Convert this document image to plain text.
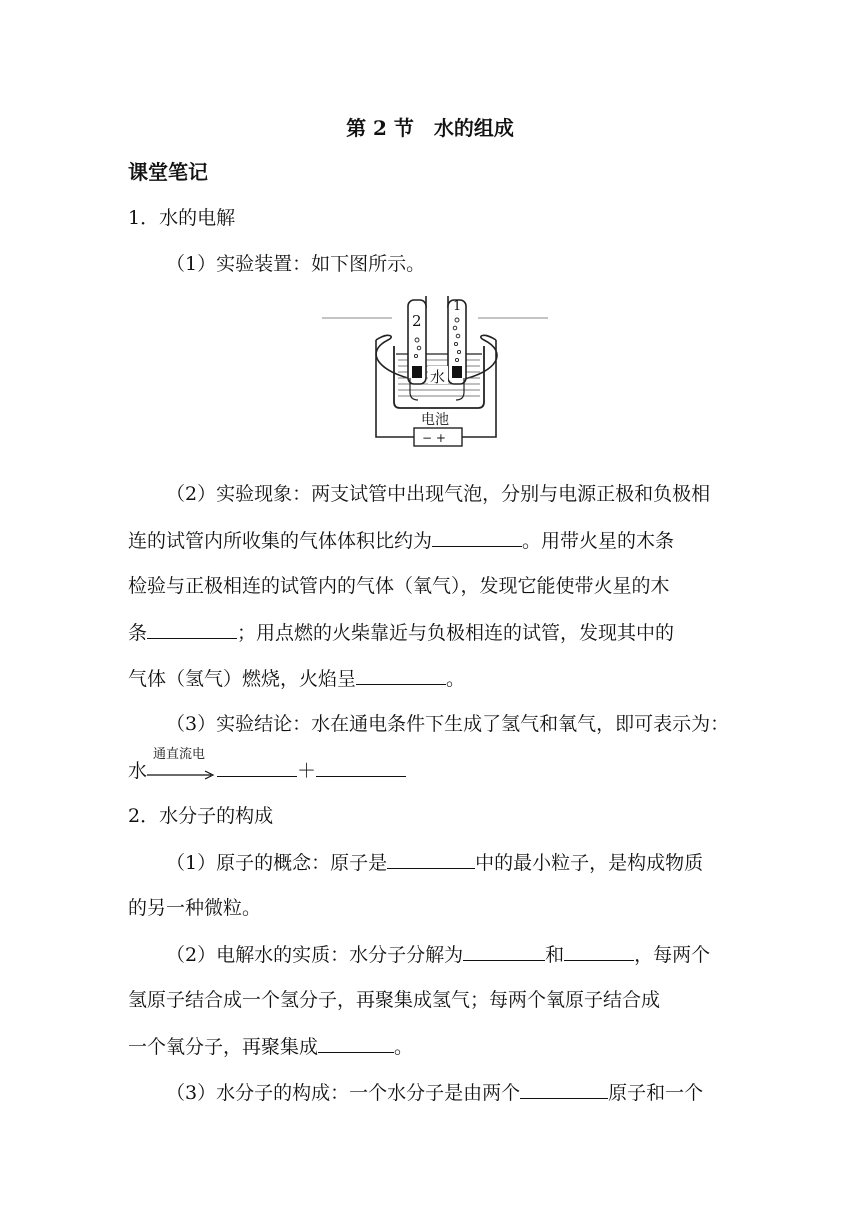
第 2 节　水的组成
课堂笔记
1．水的电解
（1）实验装置：如下图所示。
2
1
水
电池
− +
（2）实验现象：两支试管中出现气泡，分别与电源正极和负极相
连的试管内所收集的气体体积比约为	。用带火星的木条
检验与正极相连的试管内的气体（氧气），发现它能使带火星的木
条	；用点燃的火柴靠近与负极相连的试管，发现其中的
气体（氢气）燃烧，火焰呈	。
（3）实验结论：水在通电条件下生成了氢气和氧气，即可表示为：
水
通直流电
＋
2．水分子的构成
（1）原子的概念：原子是	中的最小粒子，是构成物质
的另一种微粒。
（2）电解水的实质：水分子分解为	和	，每两个
氢原子结合成一个氢分子，再聚集成氢气；每两个氧原子结合成
一个氧分子，再聚集成	。
（3）水分子的构成：一个水分子是由两个	原子和一个
